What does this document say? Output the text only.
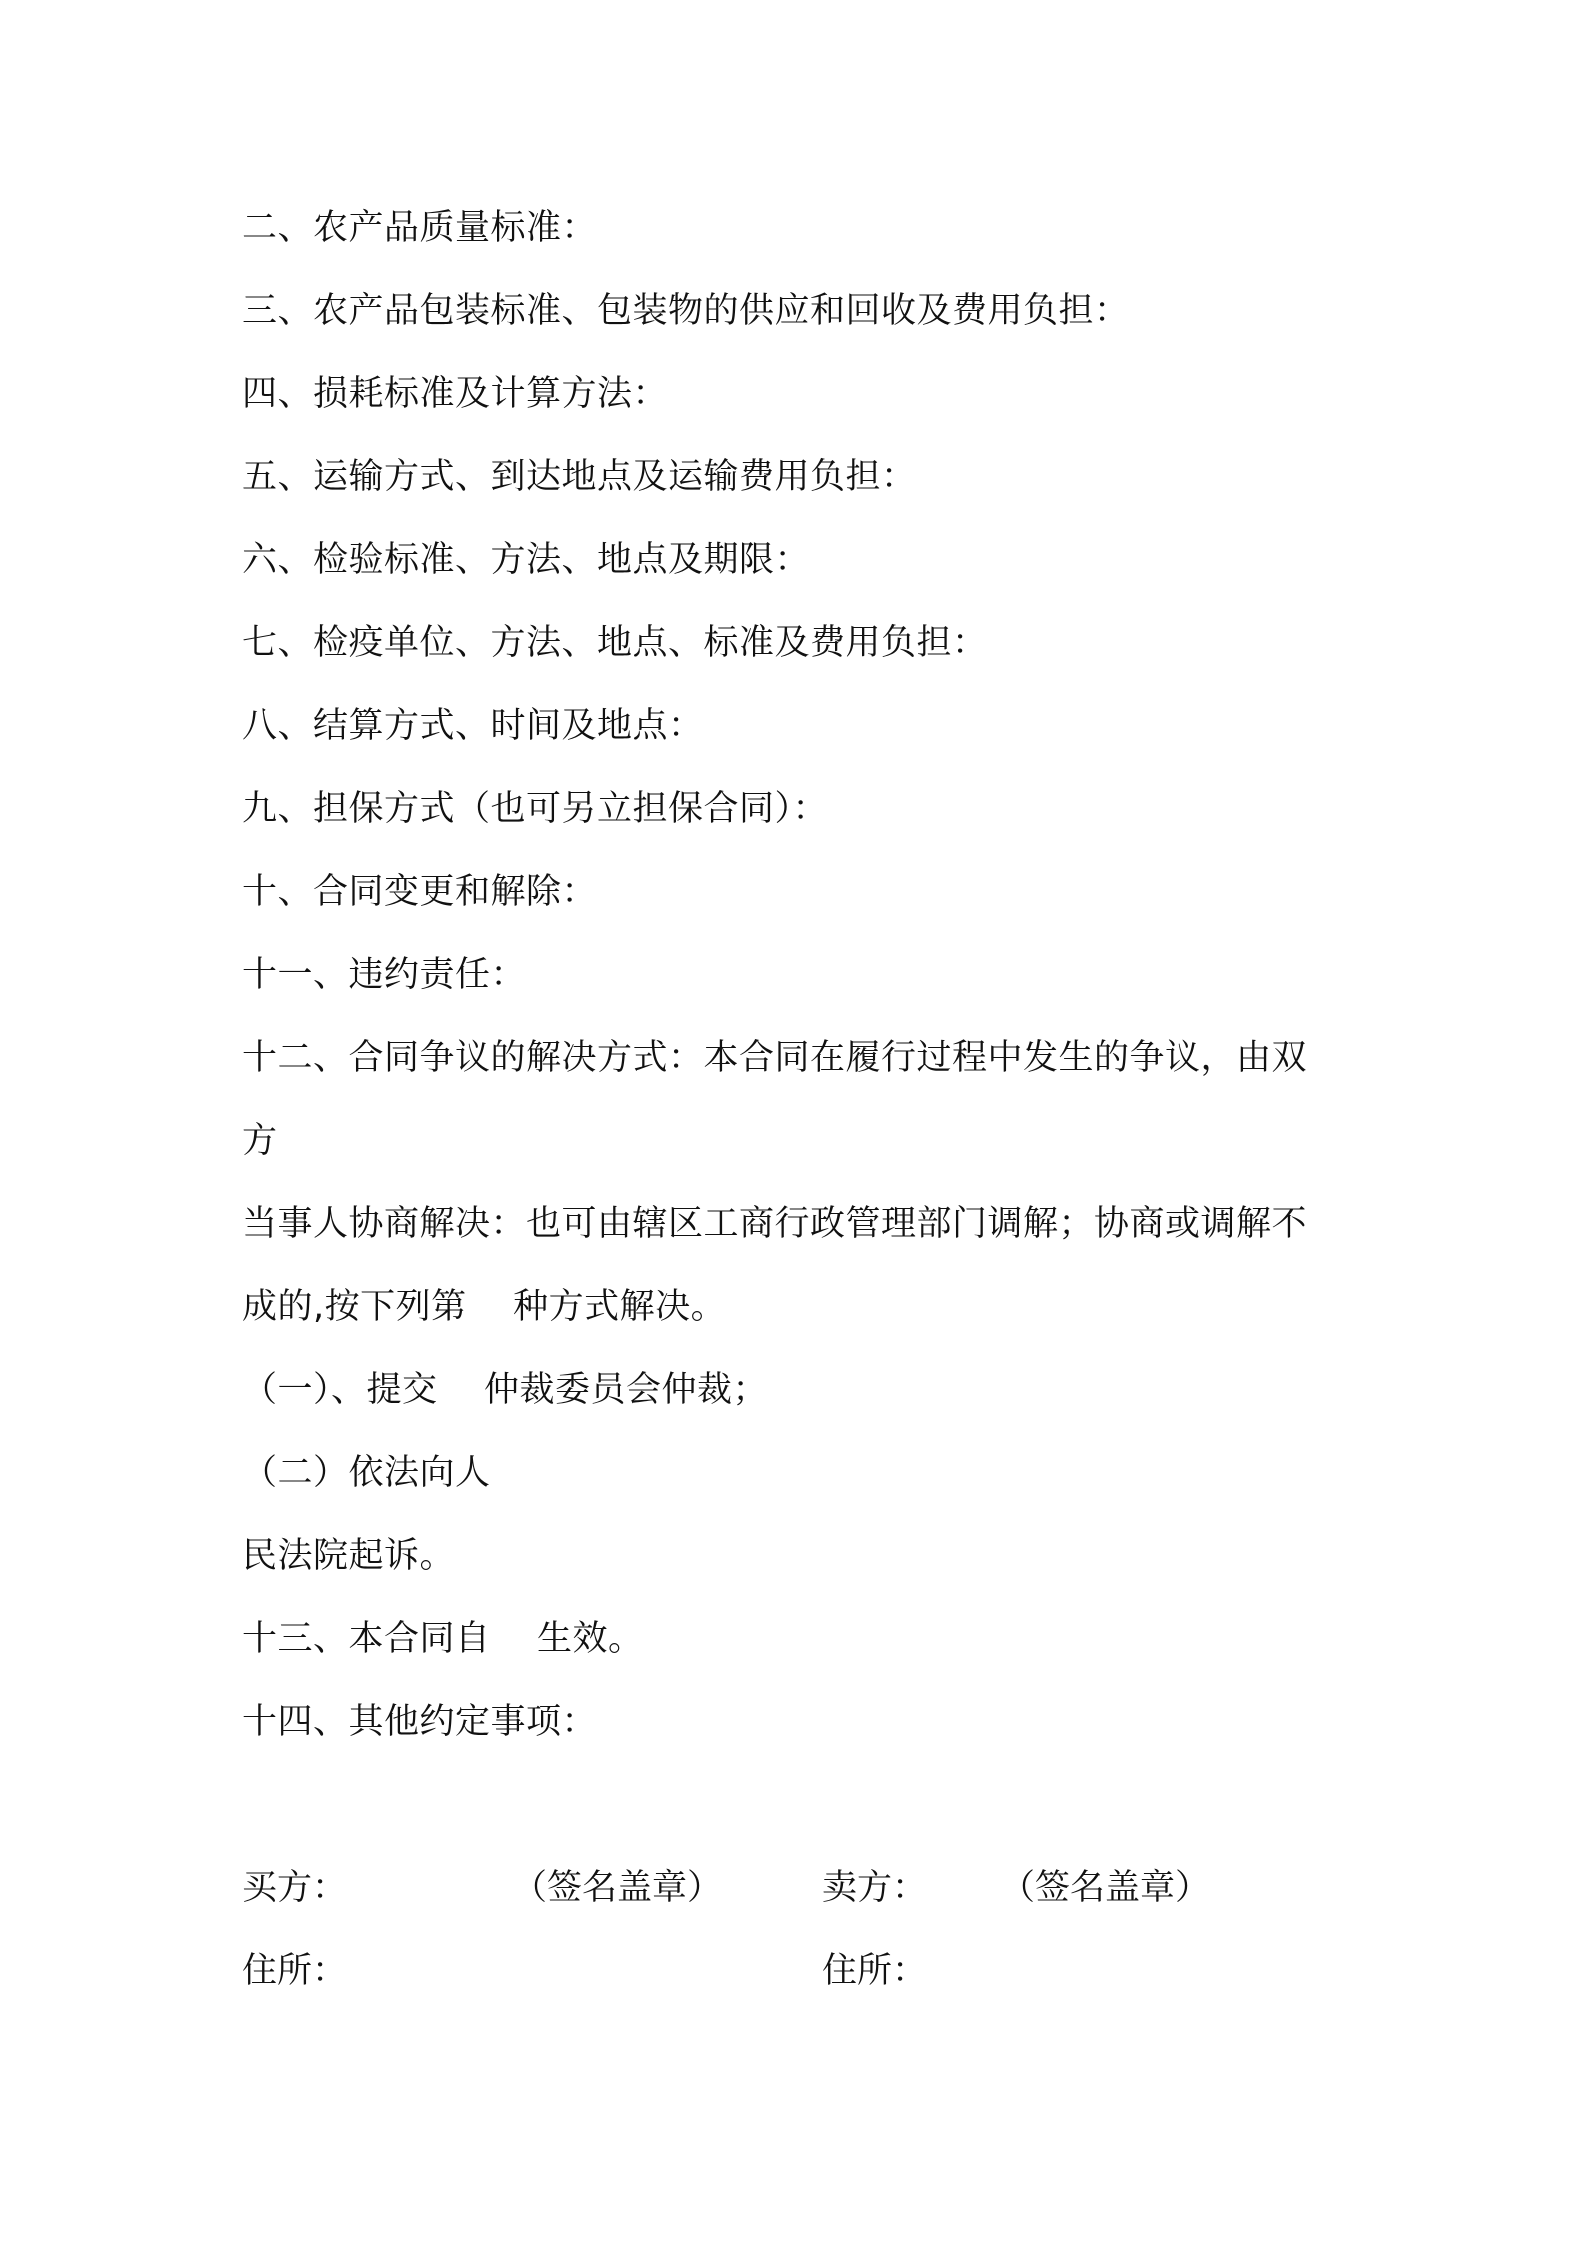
二、农产品质量标准：
三、农产品包装标准、包装物的供应和回收及费用负担：
四、损耗标准及计算方法：
五、运输方式、到达地点及运输费用负担：
六、检验标准、方法、地点及期限：
七、检疫单位、方法、地点、标准及费用负担：
八、结算方式、时间及地点：
九、担保方式（也可另立担保合同）：
十、合同变更和解除：
十一、违约责任：
十二、合同争议的解决方式：本合同在履行过程中发生的争议，由双
方
当事人协商解决：也可由辖区工商行政管理部门调解；协商或调解不
成的,按下列第    种方式解决。
（一）、提交    仲裁委员会仲裁；
（二）依法向人
民法院起诉。
十三、本合同自    生效。
十四、其他约定事项：
买方：	（签名盖章）	卖方： （签名盖章）
住所：	住所：
